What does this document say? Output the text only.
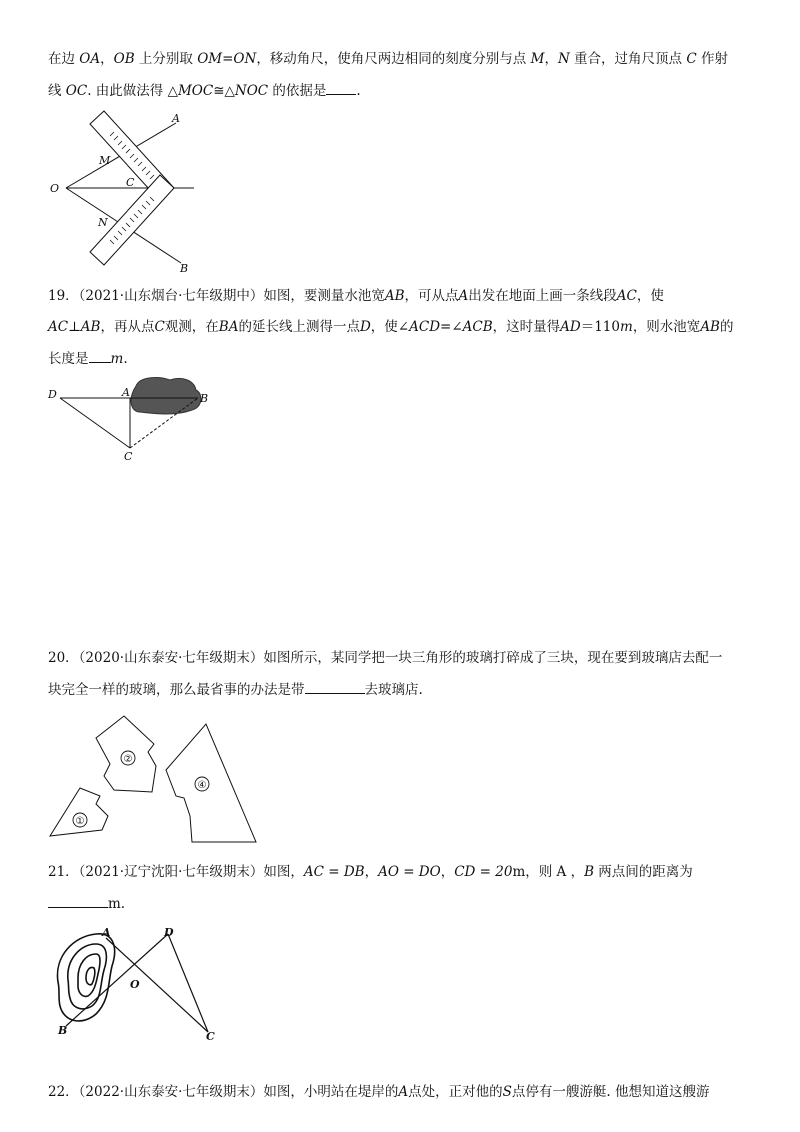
在边 OA，OB 上分别取 OM=ON，移动角尺，使角尺两边相同的刻度分别与点 M，N 重合，过角尺顶点 C 作射
线 OC. 由此做法得 △MOC≅△NOC 的依据是 .
A
B
O
M
N
C
19．（2021·山东烟台·七年级期中）如图，要测量水池宽AB，可从点A出发在地面上画一条线段AC，使
AC⊥AB，再从点C观测，在BA的延长线上测得一点D，使∠ACD=∠ACB，这时量得AD＝110m，则水池宽AB的
长度是 m.
D	A	B
C
20．（2020·山东泰安·七年级期末）如图所示，某同学把一块三角形的玻璃打碎成了三块，现在要到玻璃店去配一
块完全一样的玻璃，那么最省事的办法是带	去玻璃店.
①
②
④
21．（2021·辽宁沈阳·七年级期末）如图，AC = DB，AO = DO，CD = 20m，则 A ，B 两点间的距离为
m.
A	D
O
B	C
22．（2022·山东泰安·七年级期末）如图，小明站在堤岸的A点处，正对他的S点停有一艘游艇. 他想知道这艘游
